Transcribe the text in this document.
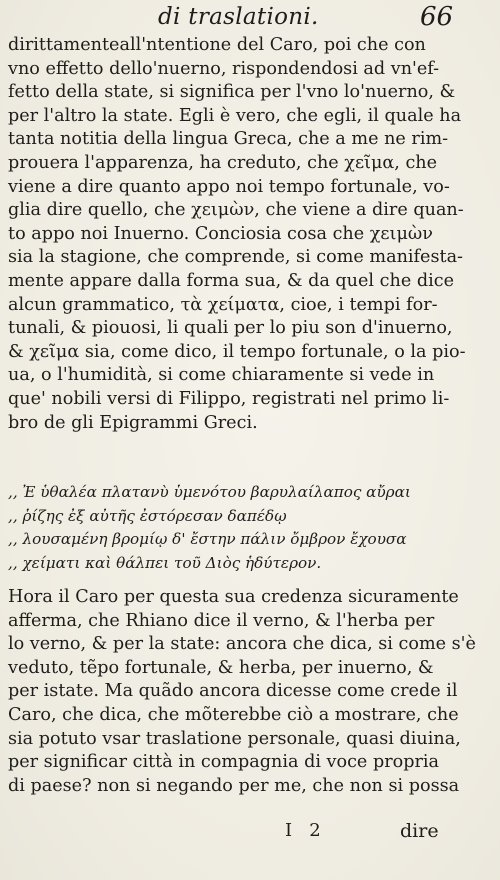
di traslationi.	66
dirittamenteall'ntentione del Caro, poi che con
vno effetto dello'nuerno, rispondendosi ad vn'ef-
fetto della state, si significa per l'vno lo'nuerno, &
per l'altro la state. Egli è vero, che egli, il quale ha
tanta notitia della lingua Greca, che a me ne rim-
prouera l'apparenza, ha creduto, che χεῖμα, che
viene a dire quanto appo noi tempo fortunale, vo-
glia dire quello, che χειμὼν, che viene a dire quan-
to appo noi Inuerno. Conciosia cosa che χειμὼν
sia la stagione, che comprende, si come manifesta-
mente appare dalla forma sua, & da quel che dice
alcun grammatico, τὰ χείματα, cioe, i tempi for-
tunali, & piouosi, li quali per lo piu son d'inuerno,
& χεῖμα sia, come dico, il tempo fortunale, o la pio-
ua, o l'humidità, si come chiaramente si vede in
que' nobili versi di Filippo, registrati nel primo li-
bro de gli Epigrammi Greci.
,, Ἐ ὑθαλέα πλατανὺ ὑμενότου βαρυλαίλαπος αὔραι
,, ῥίζης ἐξ αὐτῆς ἐστόρεσαν δαπέδῳ
,, λουσαμένη βρομίῳ δ' ἔστην πάλιν ὄμβρον ἔχουσα
,, χείματι καὶ θάλπει τοῦ Διὸς ἡδύτερον.
Hora il Caro per questa sua credenza sicuramente
afferma, che Rhiano dice il verno, & l'herba per
lo verno, & per la state: ancora che dica, si come s'è
veduto, tẽpo fortunale, & herba, per inuerno, &
per istate. Ma quãdo ancora dicesse come crede il
Caro, che dica, che mõterebbe ciò a mostrare, che
sia potuto vsar traslatione personale, quasi diuina,
per significar città in compagnia di voce propria
di paese? non si negando per me, che non si possa
I   2	dire
